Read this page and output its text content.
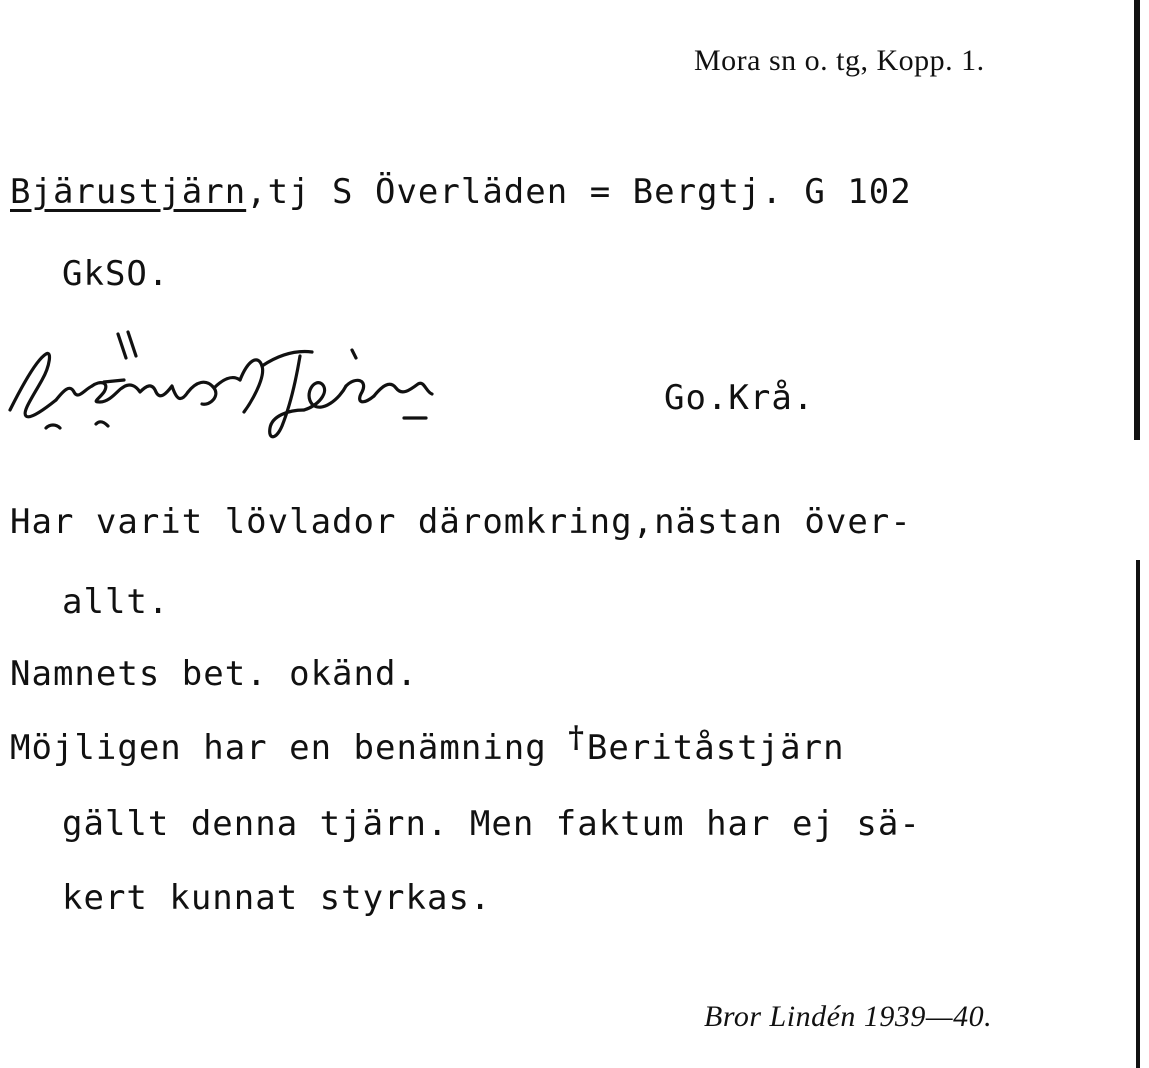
Mora sn o. tg, Kopp. 1.
Bjärustjärn,tj S Överläden = Bergtj. G 102
GkSO.
Go.Krå.
Har varit lövlador däromkring,nästan över-
allt.
Namnets bet. okänd.
Möjligen har en benämning †Beritåstjärn
gällt denna tjärn. Men faktum har ej sä-
kert kunnat styrkas.
Bror Lindén 1939—40.
